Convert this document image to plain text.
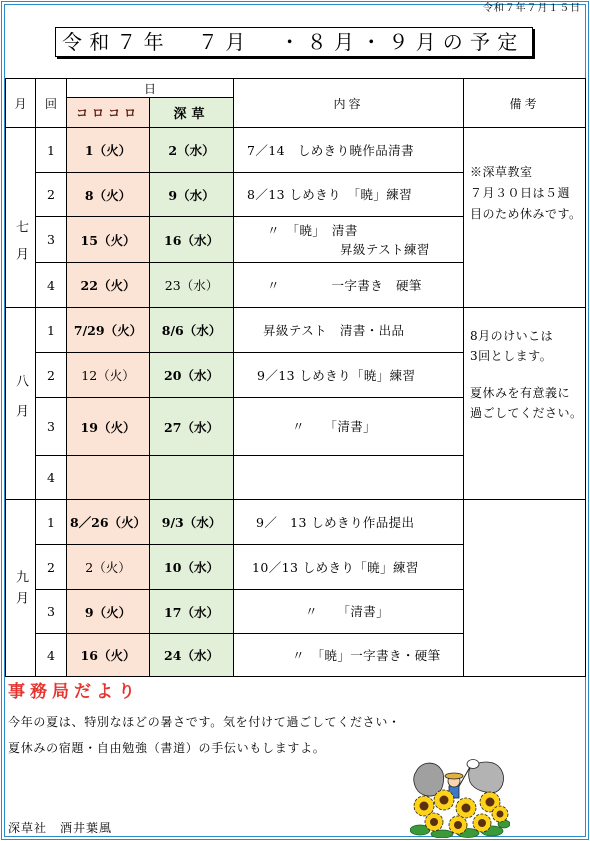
令和７年７月１５日
令和７年　７月　・８月・９月の予定
月	回	日		内容	備考
		コロコロ	深草		
七月	1	1（火）	2（水）	7／14　しめきり暁作品清書	※深草教室
７月３０日は５週
目のため休みです。

	2	8（火）	9（水）	8／13 しめきり　「暁」練習	

	3	15（火）	16（水）	〃　「暁」　清書
昇級テスト練習	

	4	22（火）	23（水）	〃　　　　一字書き　硬筆	

八月	1	7/29（火）	8/6（水）	昇級テスト　清書・出品	8月のけいこは
3回とします。
夏休みを有意義に
過ごしてください。

	2	12（火）	20（水）	9／13 しめきり「暁」練習	

	3	19（火）	27（水）	〃　　「清書」	

	4				
九月	1	8／26（火）	9/3（水）	9／　13 しめきり作品提出	

	2	2（火）	10（水）	10／13 しめきり「暁」練習	

	3	9（火）	17（水）	〃　　「清書」	

	4	16（火）	24（水）	〃　「暁」一字書き・硬筆	
事務局だより
今年の夏は、特別なほどの暑さです。気を付けて過ごしてください・
夏休みの宿題・自由勉強（書道）の手伝いもしますよ。
深草社　酒井葉風
